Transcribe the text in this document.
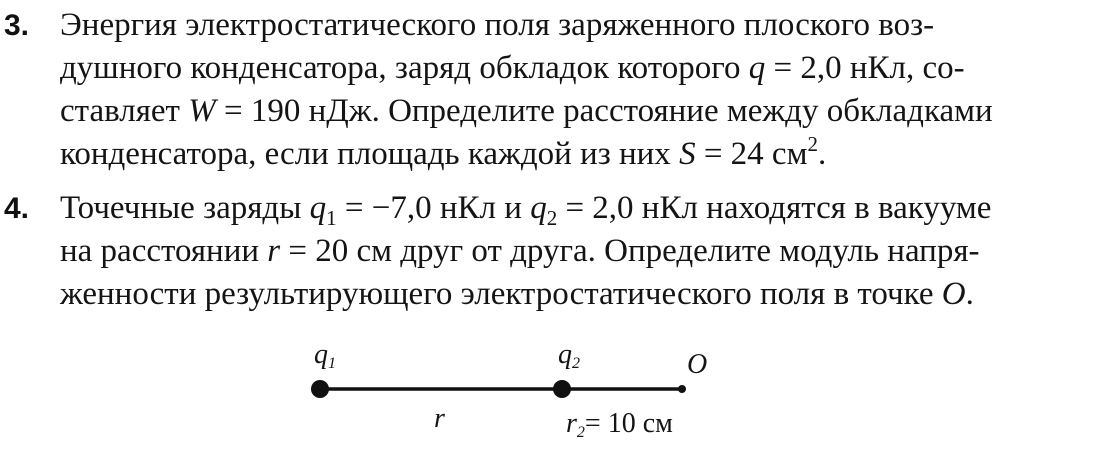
3. Энергия электростатического поля заряженного плоского воз-
душного конденсатора, заряд обкладок которого q = 2,0 нКл, со-
ставляет W = 190 нДж. Определите расстояние между обкладками
конденсатора, если площадь каждой из них S = 24 $см^2$.
4. Точечные заряды $q_1 = -7,0$ нКл и $q_2 = 2,0$ нКл находятся в вакууме
на расстоянии r = 20 см друг от друга. Определите модуль напря-
женности результирующего электростатического поля в точке O.
$q_1$	$q_2$	O
r	$r_2= 10$ см
